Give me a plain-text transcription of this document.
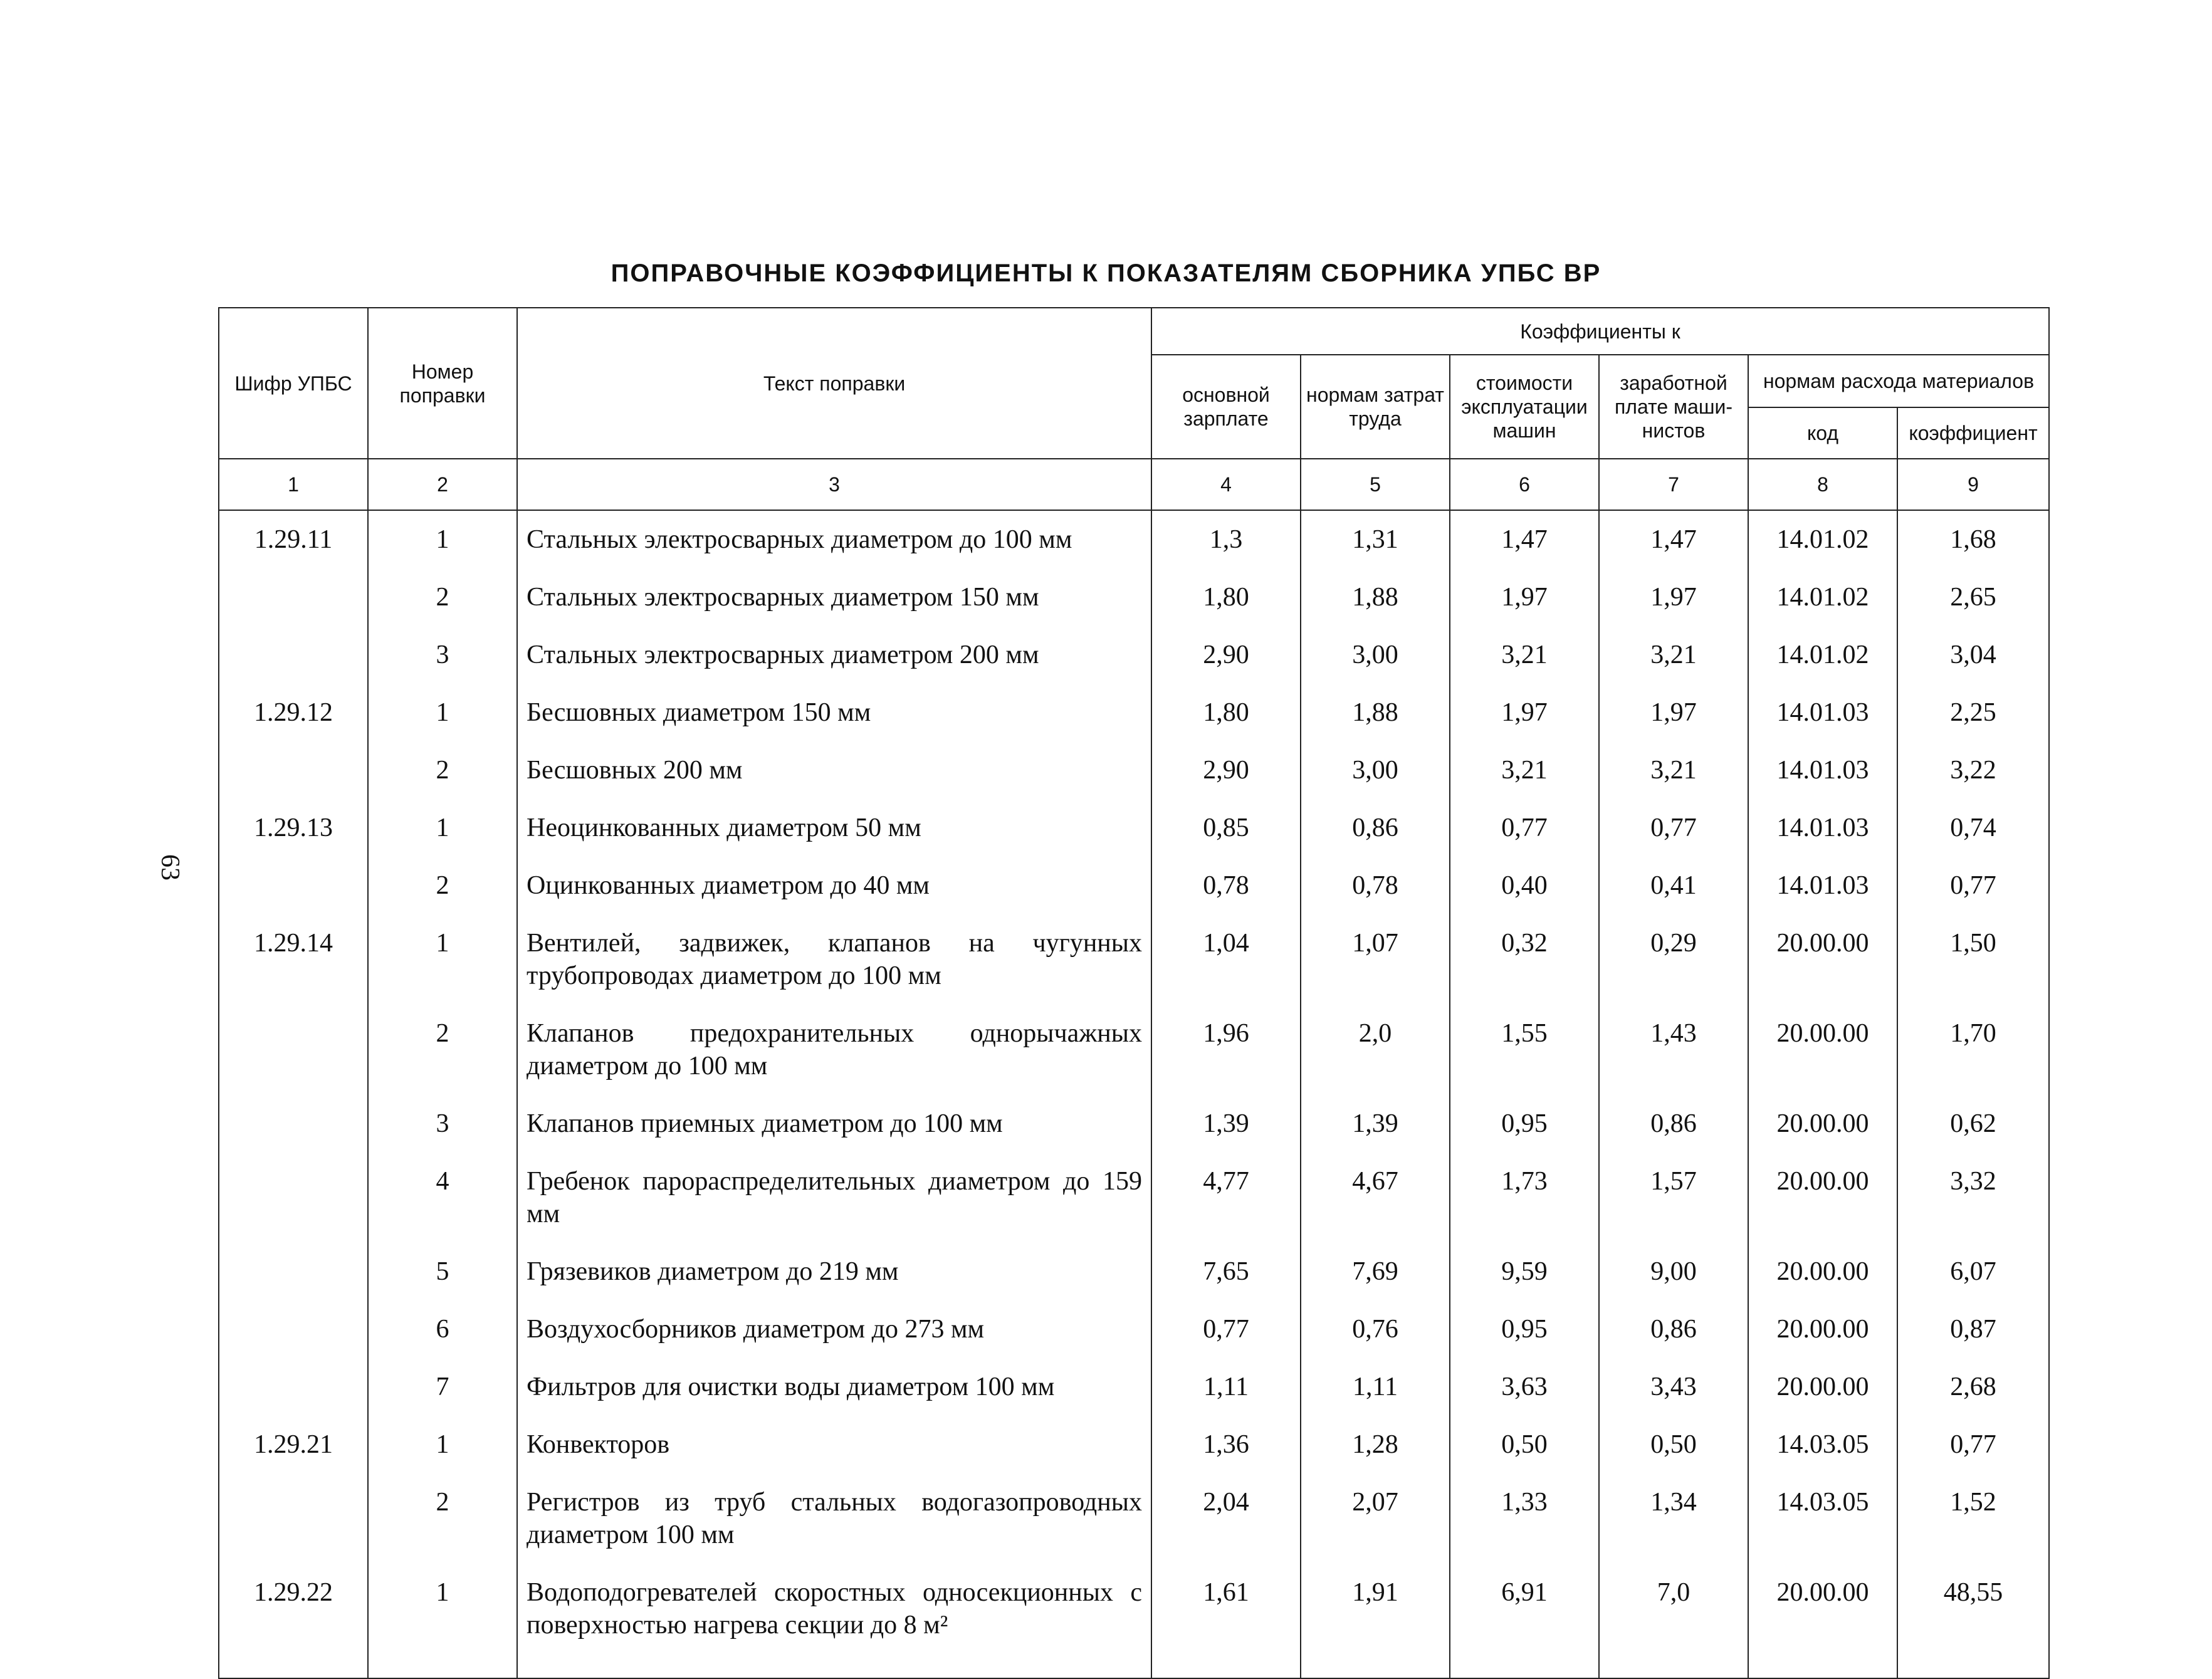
ПОПРАВОЧНЫЕ КОЭФФИЦИЕНТЫ К ПОКАЗАТЕЛЯМ СБОРНИКА УПБС ВР
63
Шифр УПБС	Номер поправки	Текст поправки	Коэффициенты к					
			основной зарплате	нормам затрат труда	стоимости эксплуатации машин	заработной плате маши-нистов	нормам расхода материалов	
							код	коэффициент
1	2	3	4	5	6	7	8	9
1.29.11	1	Стальных электросварных диаметром до 100 мм	1,3	1,31	1,47	1,47	14.01.02	1,68
	2	Стальных электросварных диаметром 150 мм	1,80	1,88	1,97	1,97	14.01.02	2,65
	3	Стальных электросварных диаметром 200 мм	2,90	3,00	3,21	3,21	14.01.02	3,04
1.29.12	1	Бесшовных диаметром 150 мм	1,80	1,88	1,97	1,97	14.01.03	2,25
	2	Бесшовных 200 мм	2,90	3,00	3,21	3,21	14.01.03	3,22
1.29.13	1	Неоцинкованных диаметром 50 мм	0,85	0,86	0,77	0,77	14.01.03	0,74
	2	Оцинкованных диаметром до 40 мм	0,78	0,78	0,40	0,41	14.01.03	0,77
1.29.14	1	Вентилей, задвижек, клапанов на чугунных трубопроводах диаметром до 100 мм	1,04	1,07	0,32	0,29	20.00.00	1,50
	2	Клапанов предохранительных однорычажных диаметром до 100 мм	1,96	2,0	1,55	1,43	20.00.00	1,70
	3	Клапанов приемных диаметром до 100 мм	1,39	1,39	0,95	0,86	20.00.00	0,62
	4	Гребенок пароpаспределительных диаметром до 159 мм	4,77	4,67	1,73	1,57	20.00.00	3,32
	5	Грязевиков диаметром до 219 мм	7,65	7,69	9,59	9,00	20.00.00	6,07
	6	Воздухосборников диаметром до 273 мм	0,77	0,76	0,95	0,86	20.00.00	0,87
	7	Фильтров для очистки воды диаметром 100 мм	1,11	1,11	3,63	3,43	20.00.00	2,68
1.29.21	1	Конвекторов	1,36	1,28	0,50	0,50	14.03.05	0,77
	2	Регистров из труб стальных водогазопроводных диаметром 100 мм	2,04	2,07	1,33	1,34	14.03.05	1,52
1.29.22	1	Водоподогревателей скоростных односекционных с поверхностью нагрева секции до 8 м²	1,61	1,91	6,91	7,0	20.00.00	48,55
